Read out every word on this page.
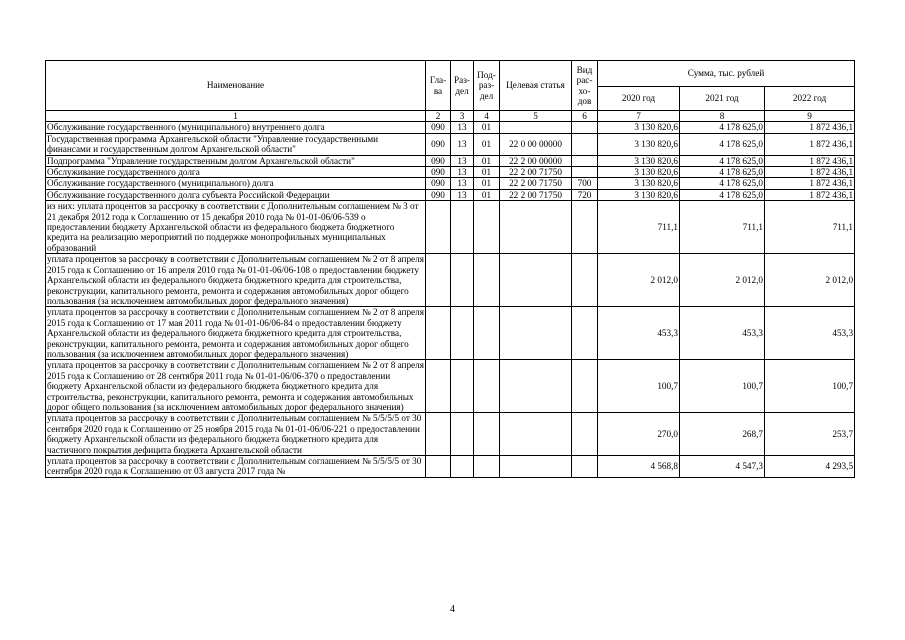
Наименование	Гла-ва	Раз-дел	Под-раз-дел	Целевая статья	Вид рас-хо-дов	Сумма, тыс. рублей		
						2020 год	2021 год	2022 год
1	2	3	4	5	6	7	8	9
Обслуживание государственного (муниципального) внутреннего долга	090	13	01			3 130 820,6	4 178 625,0	1 872 436,1
Государственная программа Архангельской области "Управление государственными финансами и государственным долгом Архангельской области"	090	13	01	22 0 00 00000		3 130 820,6	4 178 625,0	1 872 436,1
Подпрограмма "Управление государственным долгом Архангельской области"	090	13	01	22 2 00 00000		3 130 820,6	4 178 625,0	1 872 436,1
Обслуживание государственного долга	090	13	01	22 2 00 71750		3 130 820,6	4 178 625,0	1 872 436,1
Обслуживание государственного (муниципального) долга	090	13	01	22 2 00 71750	700	3 130 820,6	4 178 625,0	1 872 436,1
Обслуживание государственного долга субъекта Российской Федерации	090	13	01	22 2 00 71750	720	3 130 820,6	4 178 625,0	1 872 436,1
из них: уплата процентов за рассрочку в соответствии с Дополнительным соглашением № 3 от 21 декабря 2012 года к Соглашению от 15 декабря 2010 года № 01-01-06/06-539 о предоставлении бюджету Архангельской области из федерального бюджета бюджетного кредита на реализацию мероприятий по поддержке монопрофильных муниципальных образований						711,1	711,1	711,1
уплата процентов за рассрочку в соответствии с Дополнительным соглашением № 2 от 8 апреля 2015 года к Соглашению от 16 апреля 2010 года № 01-01-06/06-108 о предоставлении бюджету Архангельской области из федерального бюджета бюджетного кредита для строительства, реконструкции, капитального ремонта, ремонта и содержания автомобильных дорог общего пользования (за исключением автомобильных дорог федерального значения)						2 012,0	2 012,0	2 012,0
уплата процентов за рассрочку в соответствии с Дополнительным соглашением № 2 от 8 апреля 2015 года к Соглашению от 17 мая 2011 года № 01-01-06/06-84 о предоставлении бюджету Архангельской области из федерального бюджета бюджетного кредита для строительства, реконструкции, капитального ремонта, ремонта и содержания автомобильных дорог общего пользования (за исключением автомобильных дорог федерального значения)						453,3	453,3	453,3
уплата процентов за рассрочку в соответствии с Дополнительным соглашением № 2 от 8 апреля 2015 года к Соглашению от 28 сентября 2011 года № 01-01-06/06-370 о предоставлении бюджету Архангельской области из федерального бюджета бюджетного кредита для строительства, реконструкции, капитального ремонта, ремонта и содержания автомобильных дорог общего пользования (за исключением автомобильных дорог федерального значения)						100,7	100,7	100,7
уплата процентов за рассрочку в соответствии с Дополнительным соглашением № 5/5/5/5 от 30 сентября 2020 года к Соглашению от 25 ноября 2015 года № 01-01-06/06-221 о предоставлении бюджету Архангельской области из федерального бюджета бюджетного кредита для частичного покрытия дефицита бюджета Архангельской области						270,0	268,7	253,7
уплата процентов за рассрочку в соответствии с Дополнительным соглашением № 5/5/5/5 от 30 сентября 2020 года к Соглашению от 03 августа 2017 года №						4 568,8	4 547,3	4 293,5
4
